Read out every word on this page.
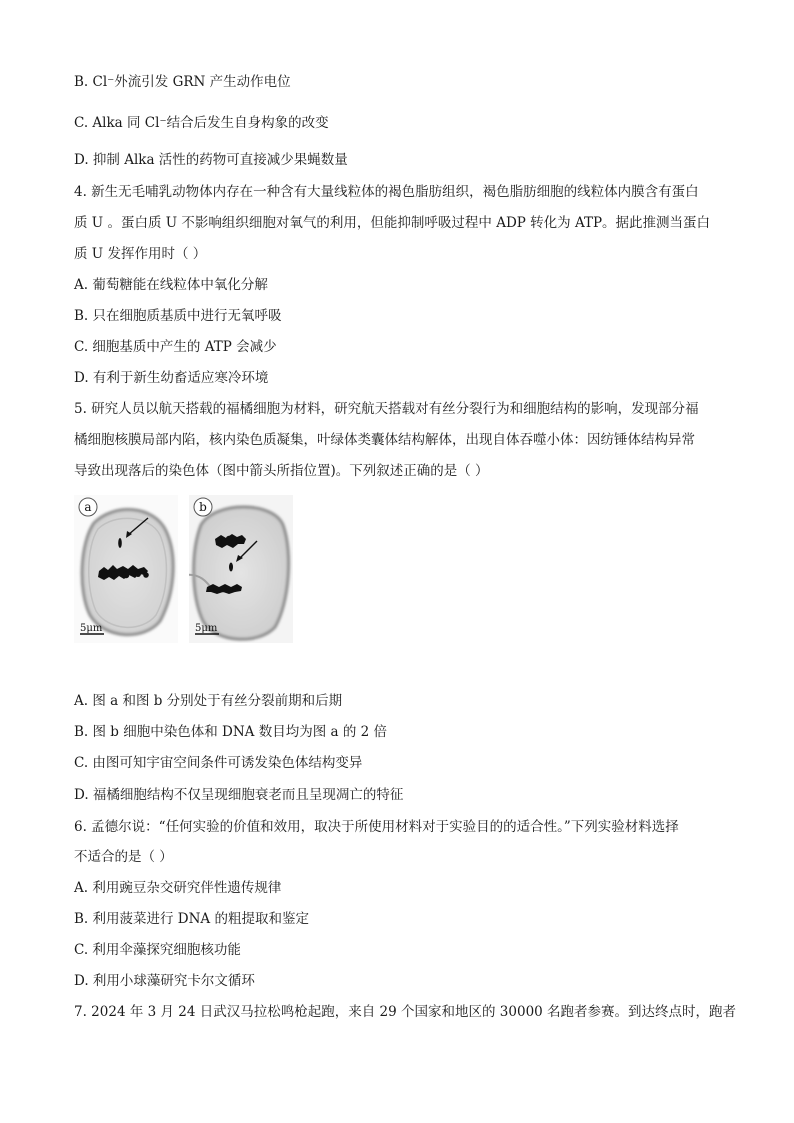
B. Cl⁻外流引发 GRN 产生动作电位
C. Alka 同 Cl⁻结合后发生自身构象的改变
D. 抑制 Alka 活性的药物可直接减少果蝇数量
4. 新生无毛哺乳动物体内存在一种含有大量线粒体的褐色脂肪组织，褐色脂肪细胞的线粒体内膜含有蛋白
质 U 。蛋白质 U 不影响组织细胞对氧气的利用，但能抑制呼吸过程中 ADP 转化为 ATP。据此推测当蛋白
质 U 发挥作用时（ ）
A. 葡萄糖能在线粒体中氧化分解
B. 只在细胞质基质中进行无氧呼吸
C. 细胞基质中产生的 ATP 会减少
D. 有利于新生幼畜适应寒冷环境
5. 研究人员以航天搭载的福橘细胞为材料，研究航天搭载对有丝分裂行为和细胞结构的影响，发现部分福
橘细胞核膜局部内陷，核内染色质凝集，叶绿体类囊体结构解体，出现自体吞噬小体：因纺锤体结构异常
导致出现落后的染色体（图中箭头所指位置)。下列叙述正确的是（ ）
a
5μm
b
5μm
A. 图 a 和图 b 分别处于有丝分裂前期和后期
B. 图 b 细胞中染色体和 DNA 数目均为图 a 的 2 倍
C. 由图可知宇宙空间条件可诱发染色体结构变异
D. 福橘细胞结构不仅呈现细胞衰老而且呈现凋亡的特征
6. 孟德尔说：“任何实验的价值和效用，取决于所使用材料对于实验目的的适合性。”下列实验材料选择
不适合的是（ ）
A. 利用豌豆杂交研究伴性遗传规律
B. 利用菠菜进行 DNA 的粗提取和鉴定
C. 利用伞藻探究细胞核功能
D. 利用小球藻研究卡尔文循环
7. 2024 年 3 月 24 日武汉马拉松鸣枪起跑，来自 29 个国家和地区的 30000 名跑者参赛。到达终点时，跑者
